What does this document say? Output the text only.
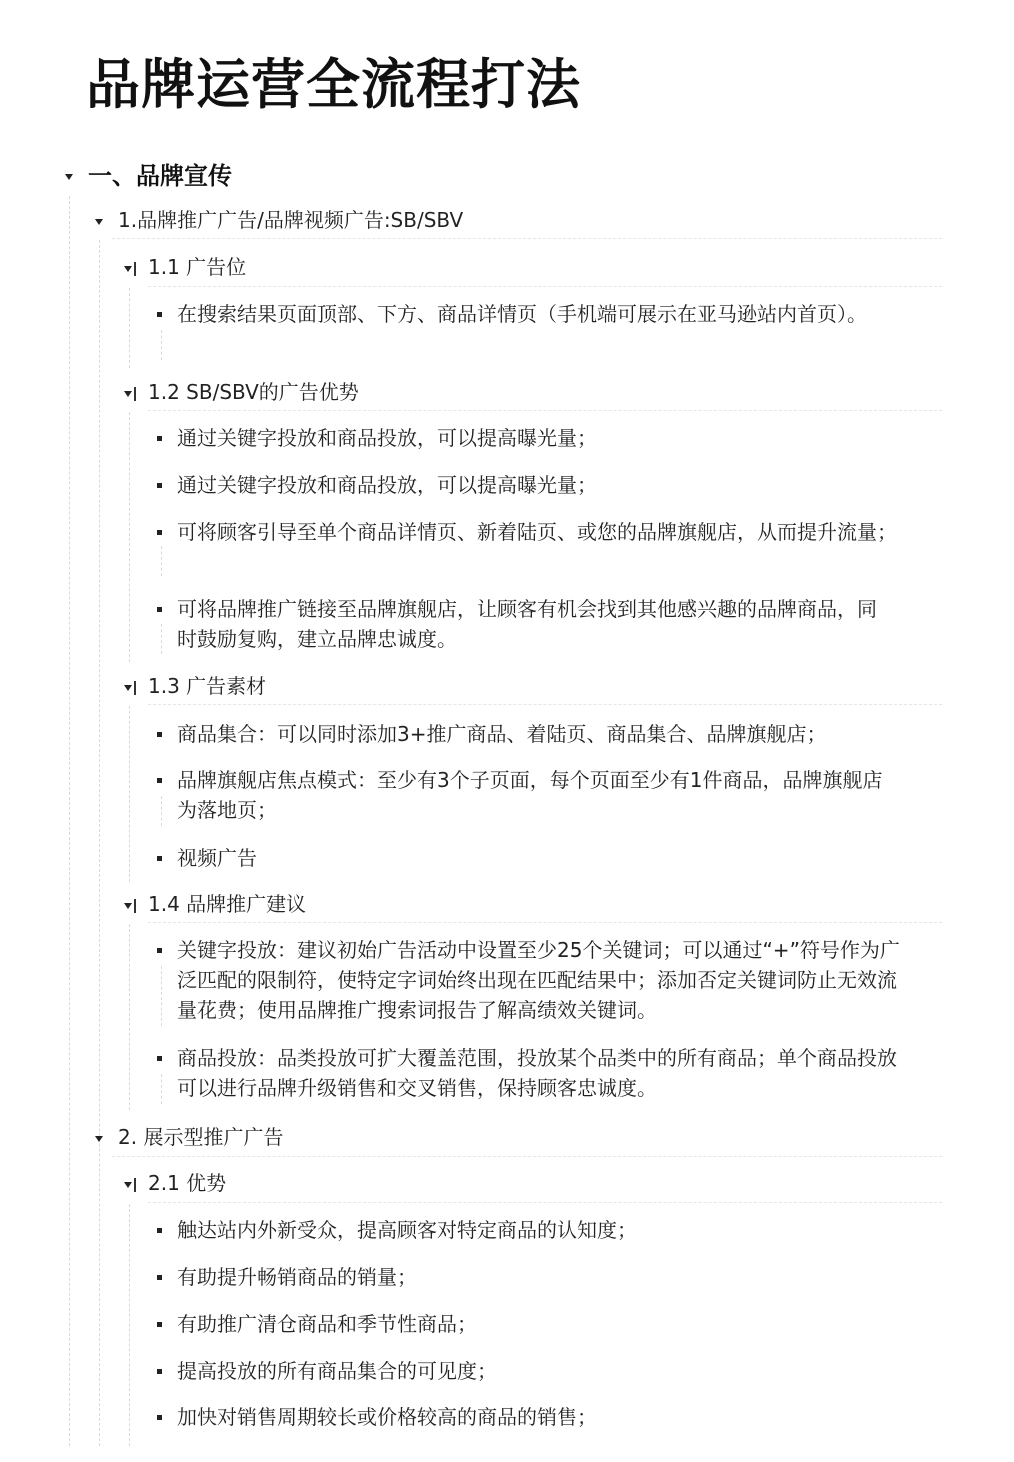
品牌运营全流程打法
一、品牌宣传
1.品牌推广广告/品牌视频广告:SB/SBV
1.1 广告位
在搜索结果页面顶部、下方、商品详情页（手机端可展示在亚马逊站内首页）。
1.2 SB/SBV的广告优势
通过关键字投放和商品投放，可以提高曝光量；
通过关键字投放和商品投放，可以提高曝光量；
可将顾客引导至单个商品详情页、新着陆页、或您的品牌旗舰店，从而提升流量；
可将品牌推广链接至品牌旗舰店，让顾客有机会找到其他感兴趣的品牌商品，同时鼓励复购，建立品牌忠诚度。
1.3 广告素材
商品集合：可以同时添加3+推广商品、着陆页、商品集合、品牌旗舰店；
品牌旗舰店焦点模式：至少有3个子页面，每个页面至少有1件商品，品牌旗舰店为落地页；
视频广告
1.4 品牌推广建议
关键字投放：建议初始广告活动中设置至少25个关键词；可以通过“+”符号作为广泛匹配的限制符，使特定字词始终出现在匹配结果中；添加否定关键词防止无效流量花费；使用品牌推广搜索词报告了解高绩效关键词。
商品投放：品类投放可扩大覆盖范围，投放某个品类中的所有商品；单个商品投放可以进行品牌升级销售和交叉销售，保持顾客忠诚度。
2. 展示型推广广告
2.1 优势
触达站内外新受众，提高顾客对特定商品的认知度；
有助提升畅销商品的销量；
有助推广清仓商品和季节性商品；
提高投放的所有商品集合的可见度；
加快对销售周期较长或价格较高的商品的销售；
